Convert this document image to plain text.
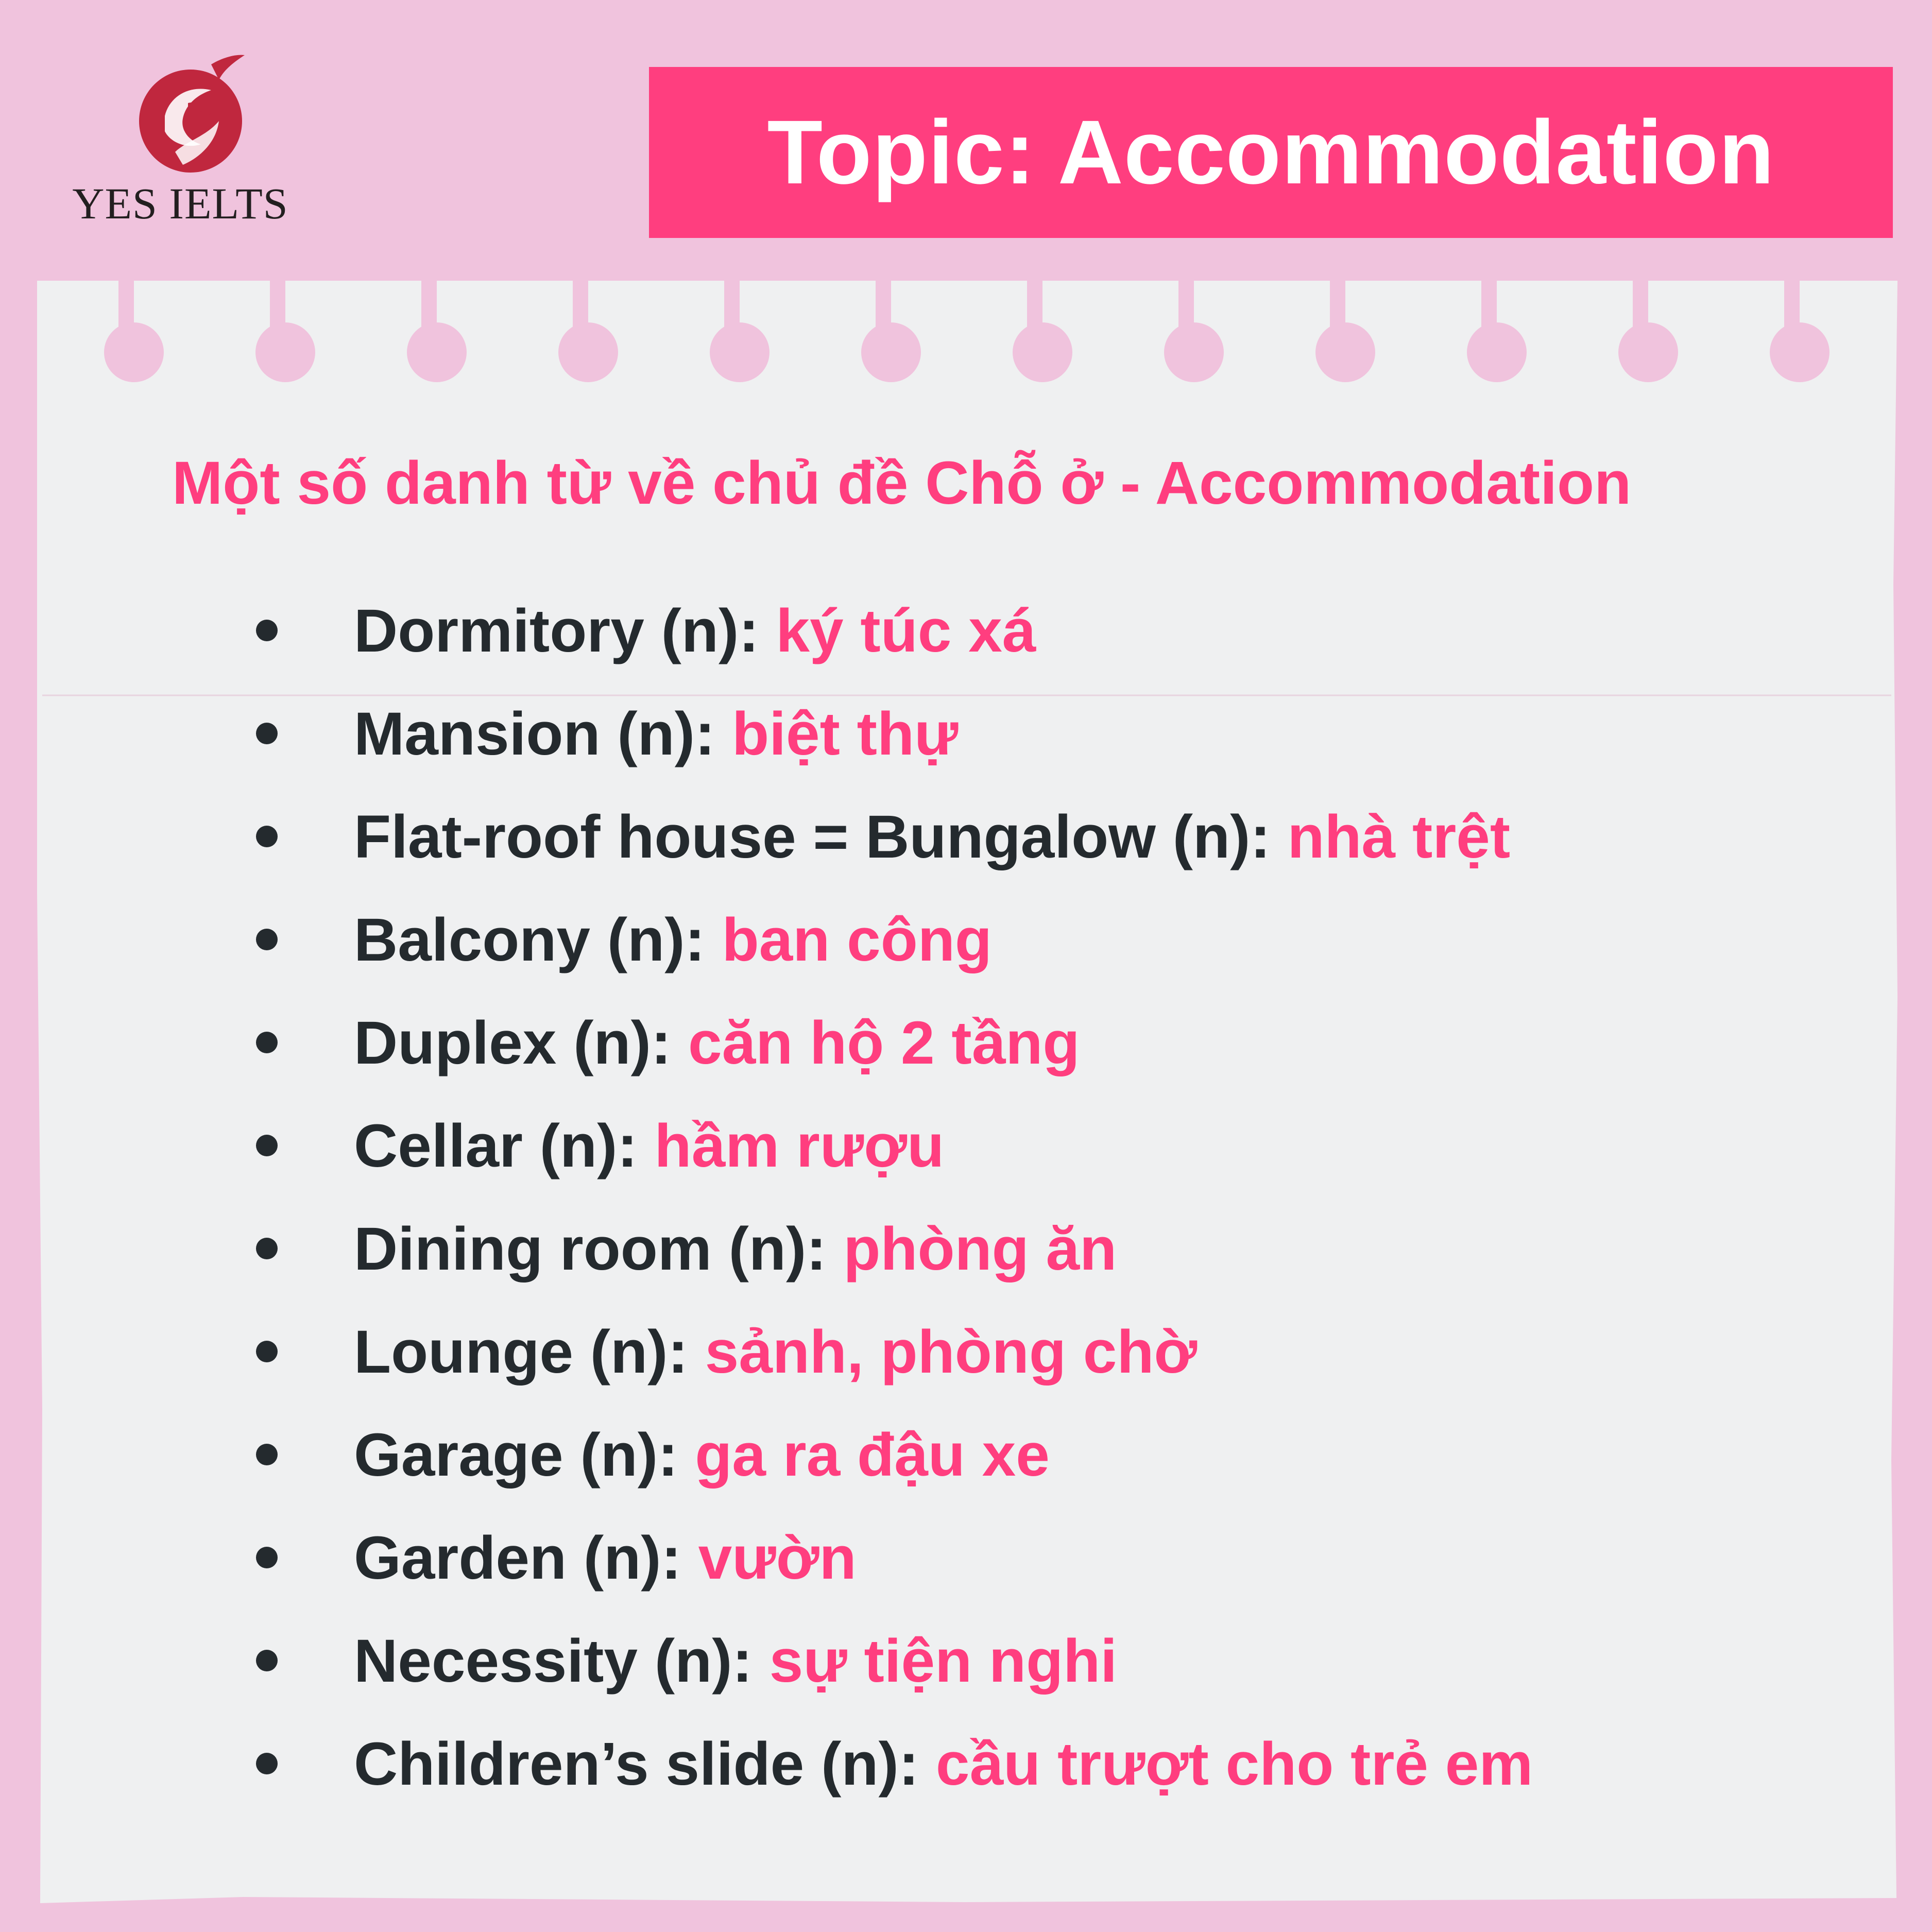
YES IELTS
Topic: Accommodation
Một số danh từ về chủ đề Chỗ ở - Accommodation
Dormitory (n): ký túc xá
Mansion (n): biệt thự
Flat-roof house = Bungalow (n): nhà trệt
Balcony (n): ban công
Duplex (n): căn hộ 2 tầng
Cellar (n): hầm rượu
Dining room (n): phòng ăn
Lounge (n): sảnh, phòng chờ
Garage (n): ga ra đậu xe
Garden (n): vườn
Necessity (n): sự tiện nghi
Children’s slide (n): cầu trượt cho trẻ em
